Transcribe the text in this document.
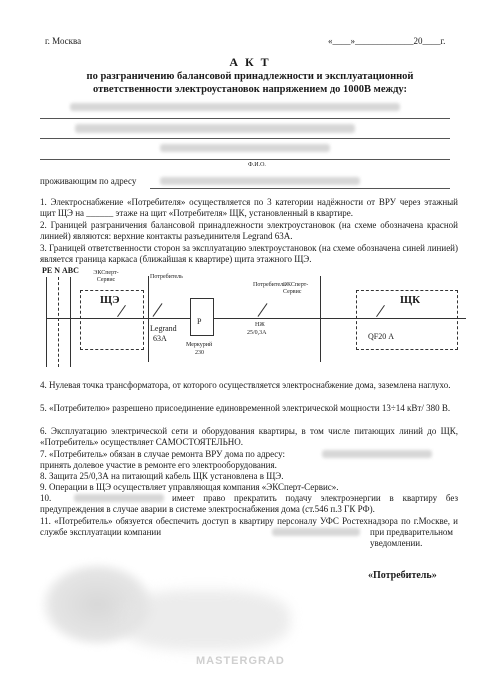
г. Москва	«____»_____________20____г.
А К Т
по разграничению балансовой принадлежности и эксплуатационной
ответственности электроустановок напряжением до 1000В между:
Ф.И.О.
проживающим по адресу
1. Электроснабжение «Потребителя» осуществляется по 3 категории надёжности от ВРУ через этажный щит ЩЭ на ______ этаже на щит «Потребителя» ЩК, установленный в квартире.
2. Границей разграничения балансовой принадлежности электроустановок (на схеме обозначена красной линией) являются: верхние контакты разъединителя Legrand 63А.
3. Границей ответственности сторон за эксплуатацию электроустановок (на схеме обозначена синей линией) является граница каркаса (ближайшая к квартире) щита этажного ЩЭ.
PE N АВС	ЭКСперт-Сервис	Потребитель
Потребитель
ЭКСперт-Сервис
ЩЭ
Legrand
63А
Р
Меркурий
230
НЖ
25/0,3А
ЩК
QF20 А
4. Нулевая точка трансформатора, от которого осуществляется электроснабжение дома, заземлена наглухо.
5. «Потребителю» разрешено присоединение единовременной электрической мощности 13÷14 кВт/ 380 В.
6. Эксплуатацию электрической сети и оборудования квартиры, в том числе питающих линий до ЩК, «Потребитель» осуществляет САМОСТОЯТЕЛЬНО.
7. «Потребитель» обязан в случае ремонта ВРУ дома по адресу:
принять долевое участие в ремонте его электрооборудования.
8. Защита 25/0,3А на питающий кабель ЩК установлена в ЩЭ.
9. Операции в ЩЭ осуществляет управляющая компания «ЭКСперт-Сервис».
10.	имеет право прекратить подачу электроэнергии в квартиру без предупреждения в случае аварии в системе электроснабжения дома (ст.546 п.3 ГК РФ).
11. «Потребитель» обязуется обеспечить доступ в квартиру персоналу УФС Ростехнадзора по г.Москве, и службе эксплуатации компании	при предварительном уведомлении.
«Потребитель»
MASTERGRAD
